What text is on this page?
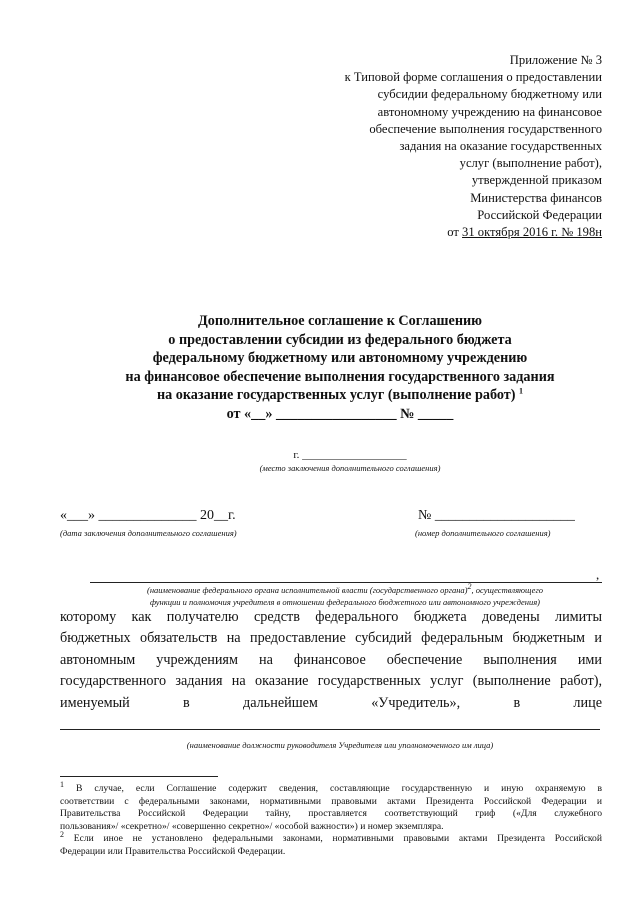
Приложение № 3
к Типовой форме соглашения о предоставлении
субсидии федеральному бюджетному или
автономному учреждению на финансовое
обеспечение выполнения государственного
задания на оказание государственных
услуг (выполнение работ),
утвержденной приказом
Министерства финансов
Российской Федерации
от 31 октября 2016 г. № 198н
Дополнительное соглашение к Соглашению
о предоставлении субсидии из федерального бюджета
федеральному бюджетному или автономному учреждению
на финансовое обеспечение выполнения государственного задания
на оказание государственных услуг (выполнение работ) $^1$
от «__» _________________ № _____
г. ___________________
(место заключения дополнительного соглашения)
«___» ______________ 20__г.
(дата заключения дополнительного соглашения)
№ ____________________
(номер дополнительного соглашения)
,
(наименование федерального органа исполнительной власти (государственного органа)$^2$, осуществляющего
функции и полномочия учредителя в отношении федерального бюджетного или автономного учреждения)
которому как получателю средств федерального бюджета доведены лимиты
бюджетных обязательств на предоставление субсидий федеральным бюджетным и
автономным учреждениям на финансовое обеспечение выполнения ими
государственного задания на оказание государственных услуг (выполнение работ),
именуемый в дальнейшем «Учредитель», в лице
(наименование должности руководителя Учредителя или уполномоченного им лица)

$^1$ В случае, если Соглашение содержит сведения, составляющие государственную и иную охраняемую в
соответствии с федеральными законами, нормативными правовыми актами Президента Российской Федерации и
Правительства Российской Федерации тайну, проставляется соответствующий гриф («Для служебного
пользования»/ «секретно»/ «совершенно секретно»/ «особой важности») и номер экземпляра.

$^2$ Если иное не установлено федеральными законами, нормативными правовыми актами Президента Российской
Федерации или Правительства Российской Федерации.
